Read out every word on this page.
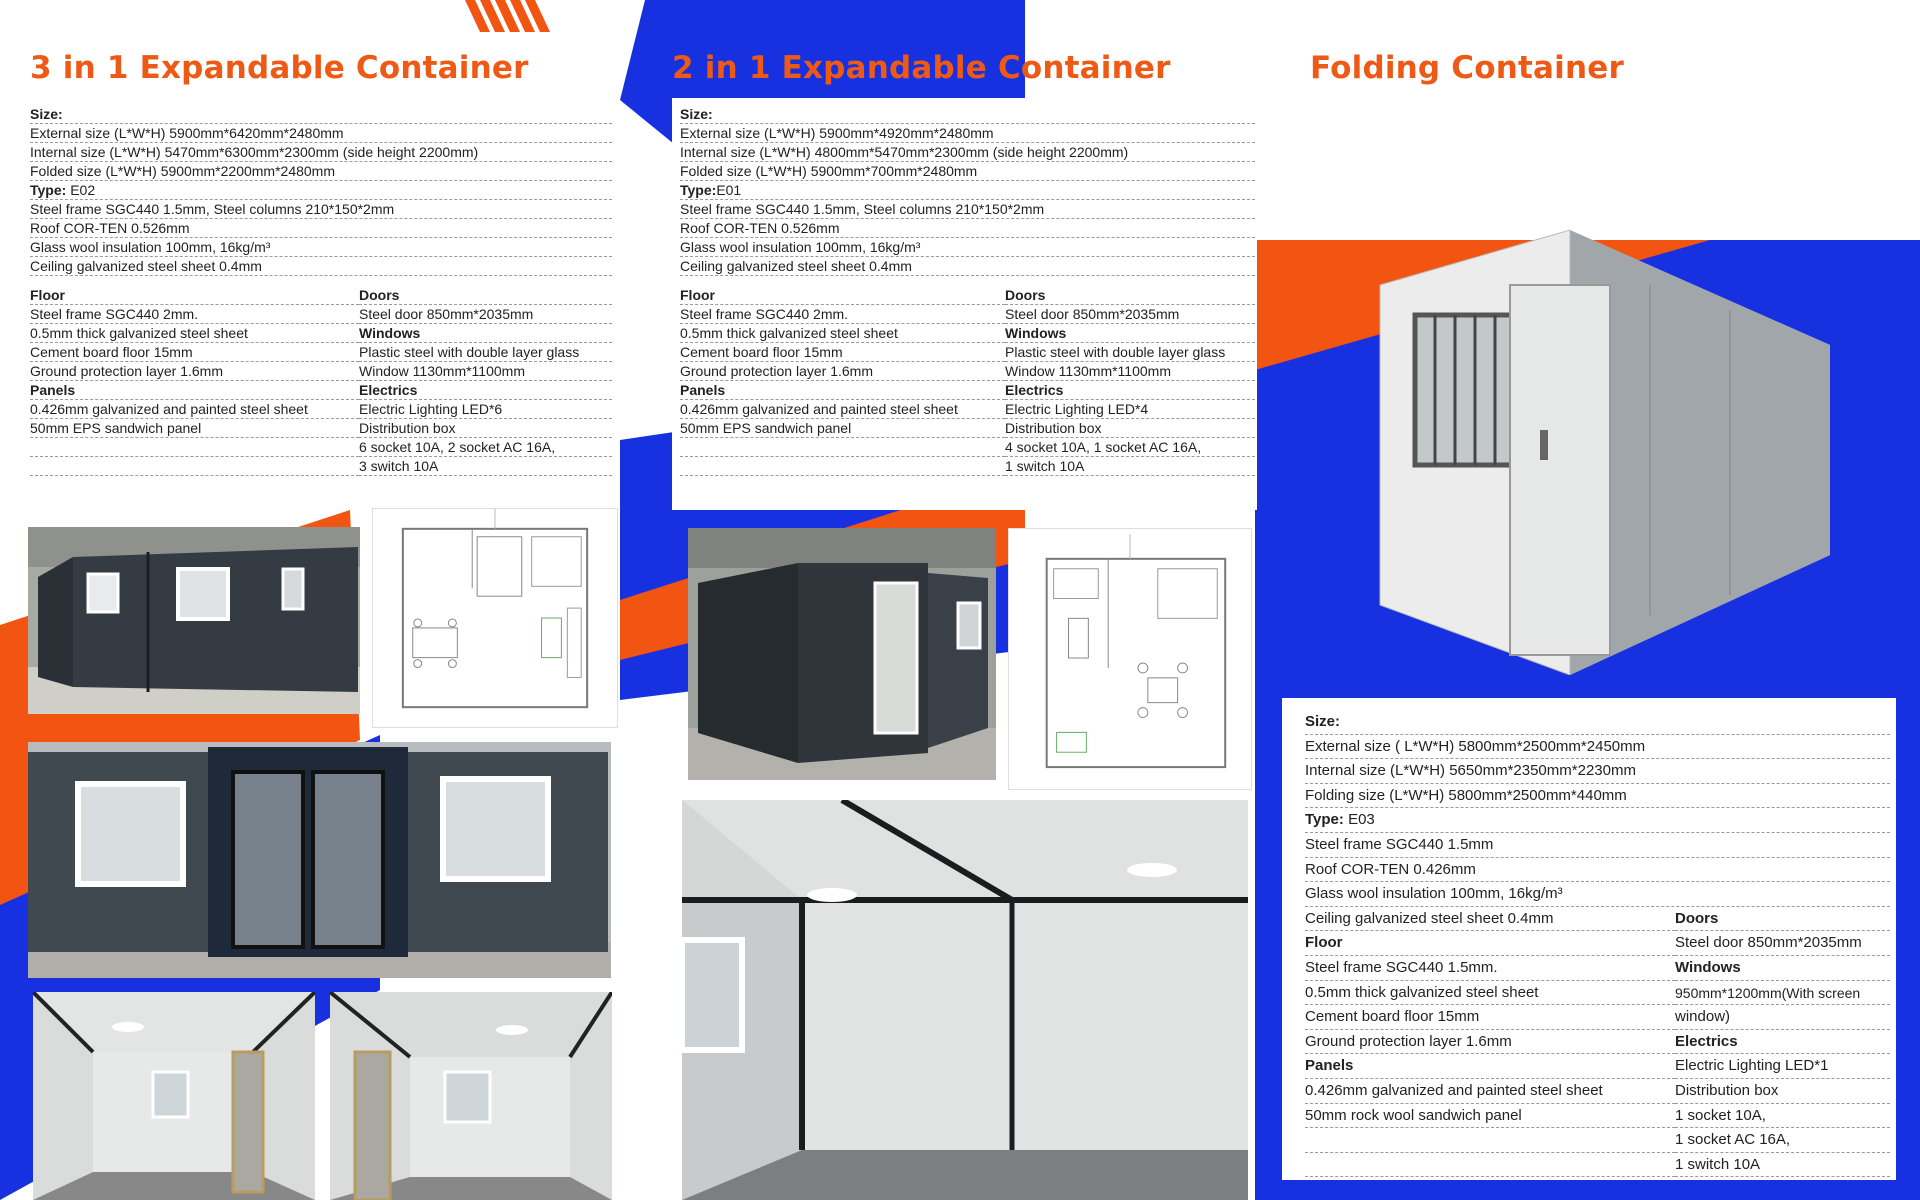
3 in 1 Expandable Container	2 in 1 Expandable Container	Folding Container
Size:
External size (L*W*H) 5900mm*6420mm*2480mm
Internal size (L*W*H) 5470mm*6300mm*2300mm (side height 2200mm)
Folded size (L*W*H) 5900mm*2200mm*2480mm
Type: E02
Steel frame SGC440 1.5mm, Steel columns 210*150*2mm
Roof COR-TEN 0.526mm
Glass wool insulation 100mm, 16kg/m³
Ceiling galvanized steel sheet 0.4mm
Floor
Steel frame SGC440 2mm.
0.5mm thick galvanized steel sheet
Cement board floor 15mm
Ground protection layer 1.6mm
Panels
0.426mm galvanized and painted steel sheet
50mm EPS sandwich panel
Doors
Steel door 850mm*2035mm
Windows
Plastic steel with double layer glass
Window 1130mm*1100mm
Electrics
Electric Lighting LED*6
Distribution box
6 socket 10A, 2 socket AC 16A,
3 switch 10A
Size:
External size (L*W*H) 5900mm*4920mm*2480mm
Internal size (L*W*H) 4800mm*5470mm*2300mm (side height 2200mm)
Folded size (L*W*H) 5900mm*700mm*2480mm
Type:E01
Steel frame SGC440 1.5mm, Steel columns 210*150*2mm
Roof COR-TEN 0.526mm
Glass wool insulation 100mm, 16kg/m³
Ceiling galvanized steel sheet 0.4mm
Floor
Steel frame SGC440 2mm.
0.5mm thick galvanized steel sheet
Cement board floor 15mm
Ground protection layer 1.6mm
Panels
0.426mm galvanized and painted steel sheet
50mm EPS sandwich panel
Doors
Steel door 850mm*2035mm
Windows
Plastic steel with double layer glass
Window 1130mm*1100mm
Electrics
Electric Lighting LED*4
Distribution box
4 socket 10A, 1 socket AC 16A,
1 switch 10A
Size:
External size ( L*W*H) 5800mm*2500mm*2450mm
Internal size (L*W*H) 5650mm*2350mm*2230mm
Folding size (L*W*H) 5800mm*2500mm*440mm
Type: E03
Steel frame SGC440 1.5mm
Roof COR-TEN 0.426mm
Glass wool insulation 100mm, 16kg/m³
Ceiling galvanized steel sheet 0.4mm
Floor
Steel frame SGC440 1.5mm.
0.5mm thick galvanized steel sheet
Cement board floor 15mm
Ground protection layer 1.6mm
Panels
0.426mm galvanized and painted steel sheet
50mm rock wool sandwich panel
Doors
Steel door 850mm*2035mm
Windows
950mm*1200mm(With screen
window)
Electrics
Electric Lighting LED*1
Distribution box
1 socket 10A,
1 socket AC 16A,
1 switch 10A
